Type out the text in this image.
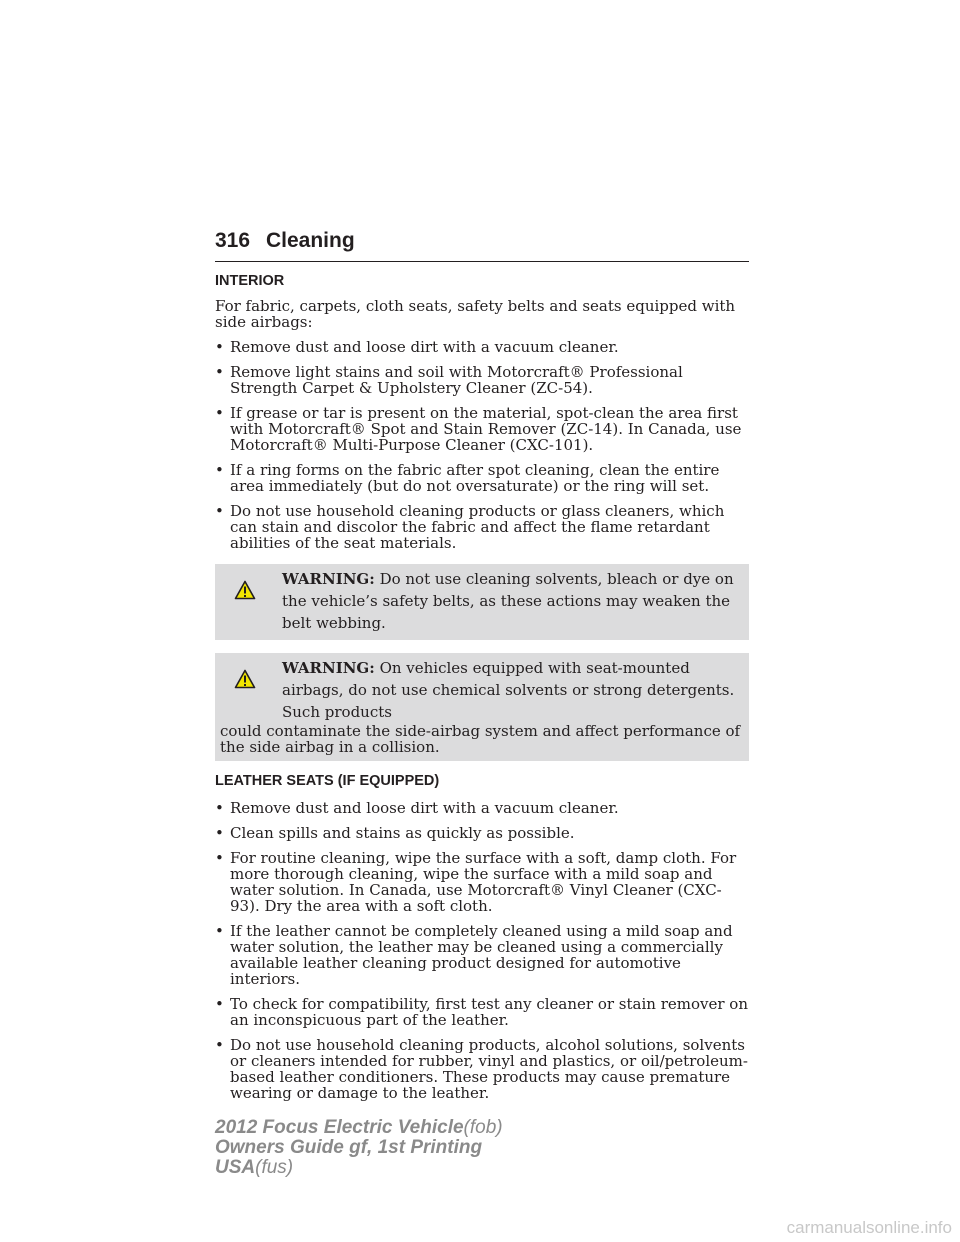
316 Cleaning
INTERIOR

For fabric, carpets, cloth seats, safety belts and seats equipped with side airbags:

• Remove dust and loose dirt with a vacuum cleaner.
• Remove light stains and soil with Motorcraft® Professional Strength Carpet & Upholstery Cleaner (ZC-54).
• If grease or tar is present on the material, spot-clean the area first with Motorcraft® Spot and Stain Remover (ZC-14). In Canada, use Motorcraft® Multi-Purpose Cleaner (CXC-101).
• If a ring forms on the fabric after spot cleaning, clean the entire area immediately (but do not oversaturate) or the ring will set.
• Do not use household cleaning products or glass cleaners, which can stain and discolor the fabric and affect the flame retardant abilities of the seat materials.
WARNING: Do not use cleaning solvents, bleach or dye on the vehicle’s safety belts, as these actions may weaken the belt webbing.
WARNING: On vehicles equipped with seat-mounted airbags, do not use chemical solvents or strong detergents. Such products

could contaminate the side-airbag system and affect performance of the side airbag in a collision.

LEATHER SEATS (IF EQUIPPED)
• Remove dust and loose dirt with a vacuum cleaner.
• Clean spills and stains as quickly as possible.
• For routine cleaning, wipe the surface with a soft, damp cloth. For more thorough cleaning, wipe the surface with a mild soap and water solution. In Canada, use Motorcraft® Vinyl Cleaner (CXC-93). Dry the area with a soft cloth.
• If the leather cannot be completely cleaned using a mild soap and water solution, the leather may be cleaned using a commercially available leather cleaning product designed for automotive interiors.
• To check for compatibility, first test any cleaner or stain remover on an inconspicuous part of the leather.
• Do not use household cleaning products, alcohol solutions, solvents or cleaners intended for rubber, vinyl and plastics, or oil/petroleum-based leather conditioners. These products may cause premature wearing or damage to the leather.
2012 Focus Electric Vehicle(fob)
Owners Guide gf, 1st Printing
USA(fus)
carmanualsonline.info
